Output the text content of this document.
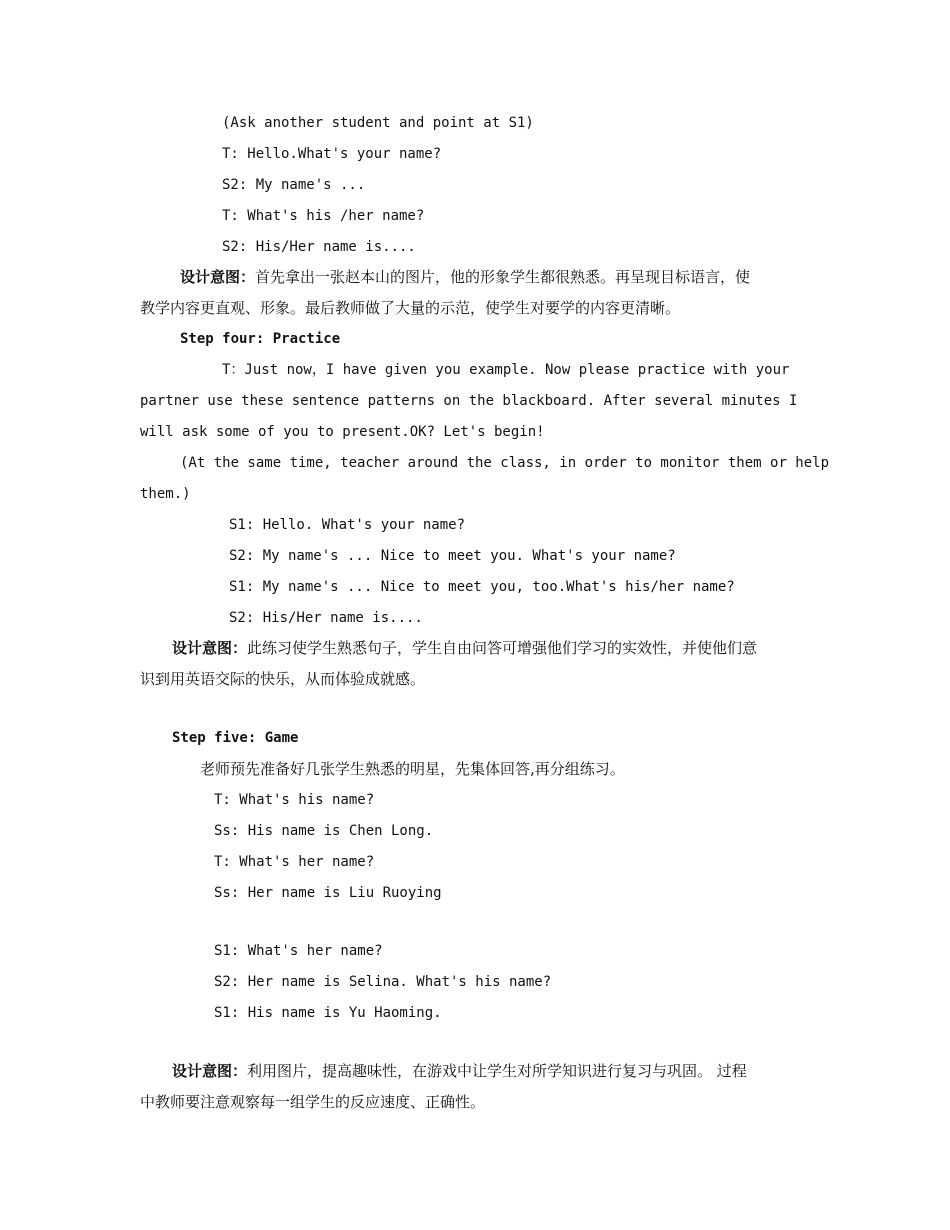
(Ask another student and point at S1)
T: Hello.What's your name?
S2: My name's ...
T: What's his /her name?
S2: His/Her name is....
设计意图：首先拿出一张赵本山的图片，他的形象学生都很熟悉。再呈现目标语言，使
教学内容更直观、形象。最后教师做了大量的示范，使学生对要学的内容更清晰。
Step four: Practice
T：Just now，I have given you example. Now please practice with your
partner use these sentence patterns on the blackboard. After several minutes I
will ask some of you to present.OK? Let's begin!
(At the same time, teacher around the class, in order to monitor them or help
them.)
S1: Hello. What's your name?
S2: My name's ... Nice to meet you. What's your name?
S1: My name's ... Nice to meet you, too.What's his/her name?
S2: His/Her name is....
设计意图：此练习使学生熟悉句子，学生自由问答可增强他们学习的实效性，并使他们意
识到用英语交际的快乐，从而体验成就感。
Step five: Game
老师预先准备好几张学生熟悉的明星，先集体回答,再分组练习。
T: What's his name?
Ss: His name is Chen Long.
T: What's her name?
Ss: Her name is Liu Ruoying
S1: What's her name?
S2: Her name is Selina. What's his name?
S1: His name is Yu Haoming.
设计意图：利用图片，提高趣味性，在游戏中让学生对所学知识进行复习与巩固。 过程
中教师要注意观察每一组学生的反应速度、正确性。
